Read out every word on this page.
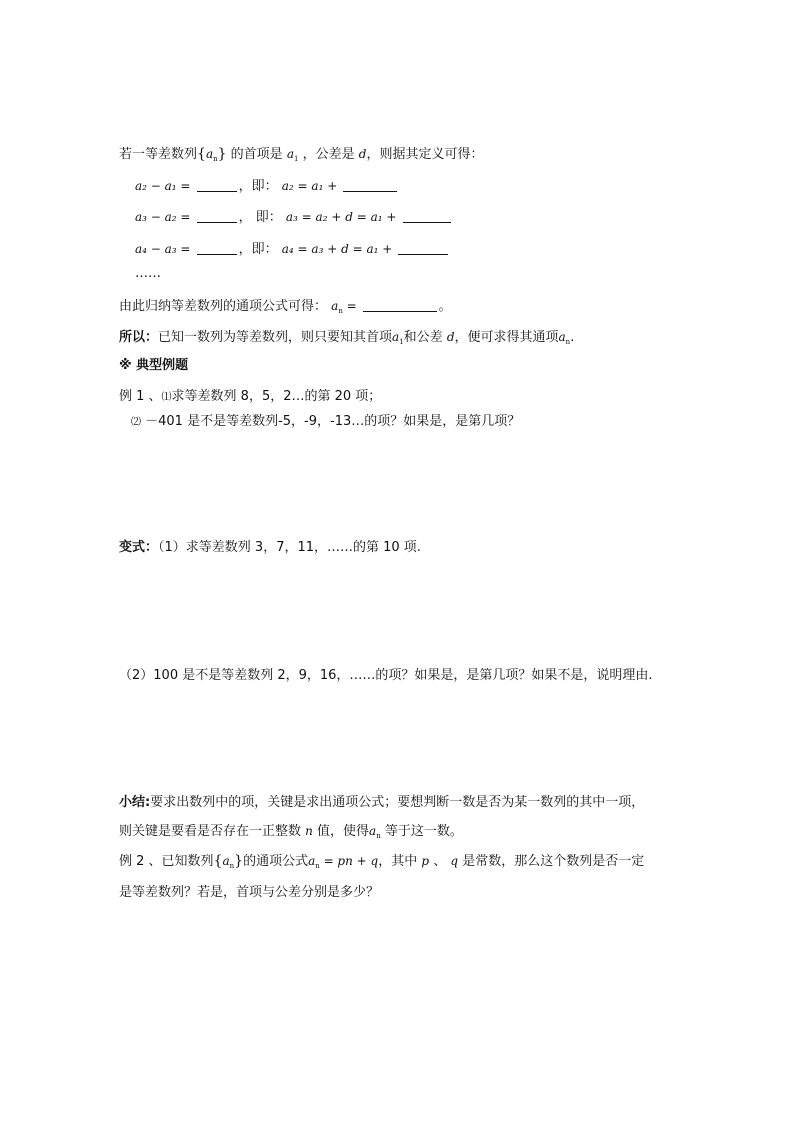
若一等差数列$\{a_n\}$ 的首项是 $a_1$ ，公差是 d，则据其定义可得：
a₂ − a₁ =	，即： a₂ = a₁ +
a₃ − a₂ =	， 即： a₃ = a₂ + d = a₁ +
a₄ − a₃ =	，即： a₄ = a₃ + d = a₁ +
……
由此归纳等差数列的通项公式可得： $a_n$ =	。
所以：已知一数列为等差数列，则只要知其首项$a_1$和公差 d，便可求得其通项$a_n$.
※ 典型例题
例 1 、⑴求等差数列 8，5，2…的第 20 项；
⑵ －401 是不是等差数列-5，-9，-13…的项？如果是，是第几项？
变式：（1）求等差数列 3，7，11，……的第 10 项.
（2）100 是不是等差数列 2，9，16，……的项？如果是，是第几项？如果不是，说明理由.
小结:要求出数列中的项，关键是求出通项公式；要想判断一数是否为某一数列的其中一项，
则关键是要看是否存在一正整数 n 值，使得$a_n$ 等于这一数。
例 2 、已知数列$\{a_n\}$的通项公式$a_n$ = pn + q，其中 p 、 q 是常数，那么这个数列是否一定
是等差数列？若是，首项与公差分别是多少？
